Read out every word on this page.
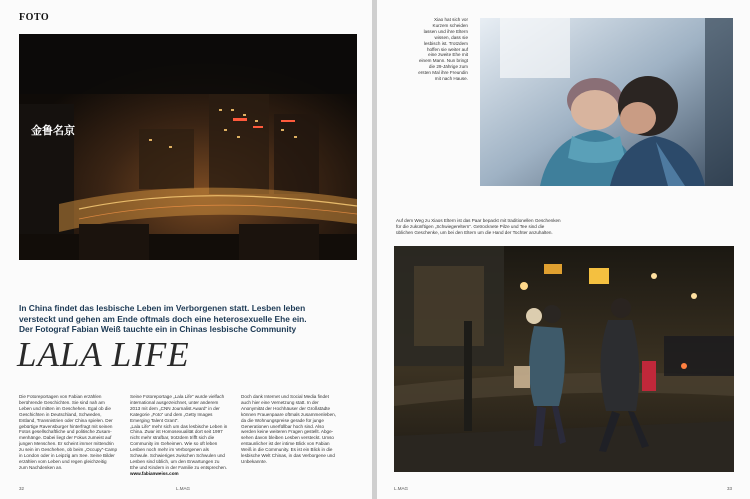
FOTO
金鲁名京
In China findet das lesbische Leben im Verborgenen statt. Lesben leben
versteckt und gehen am Ende oftmals doch eine heterosexuelle Ehe ein.
Der Fotograf Fabian Weiß tauchte ein in Chinas lesbische Community
LALA LIFE
Die Fotoreportagen von Fabian erzählen
berührende Geschichten. Sie sind nah am
Leben und mitten im Geschehen. Egal ob die
Geschichten in Deutschland, Schweden,
Estland, Transnistrien oder China spielen. Der
gebürtige Ravensburger hinterfragt mit seinen
Fotos gesellschaftliche und politische Zusam-
menhänge. Dabei liegt der Fokus zumeist auf
jungen Menschen. Er scheint immer mittendrin
zu sein im Geschehen, ob beim „Occupy“-Camp
in London oder in Leipzig am See. Seine Bilder
erzählen vom Leben und regen gleichzeitig
zum Nachdenken an.
Seine Fotoreportage „Lala Life“ wurde vielfach
international ausgezeichnet, unter anderem
2013 mit dem „CNN Journalist Award“ in der
Kategorie „Foto“ und dem „Getty Images
Emerging Talent Grant“.
„Lala Life“ mehr sich um das lesbische Leben in
China. Zwar ist Homosexualität dort seit 1997
nicht mehr strafbar, trotzdem trifft sich die
Community im Geheimen. Wie so oft leben
Lesben noch mehr im Verborgenen als
Schwule. Schwieriges zwischen Schwulen und
Lesben sind üblich, um den Erwartungen zu
Ehe und Kindern in der Familie zu entsprechen.
www.fabianweiss.com
Doch dank Internet und Social Media findet
auch hier eine Vernetzung statt. In der
Anonymität der Hochhäuser der Großstädte
können Frauenpaare oftmals zusammenleben,
da die Wohnungspreise gerade für junge
Generationen unerfüllbar hoch sind. Also
werden keine weiteren Fragen gestellt. Abge-
sehen davon bleiben Lesben versteckt. Umso
erstaunlicher ist der intime Blick von Fabian
Weiß in die Community. Es ist ein Blick in die
lesbische Welt Chinas, in das Verborgene und
Unbekannte.
32	L.MAG
Xiao hat sich vor
Kurzem scheiden
lassen und ihre Eltern
wissen, dass sie
lesbisch ist. Trotzdem
hoffen sie weiter auf
eine zweite Ehe mit
einem Mann. Nun bringt
die 29-Jährige zum
ersten Mal ihre Freundin
mit nach Hause.
Auf dem Weg zu Xiaos Eltern ist das Paar bepackt mit traditionellen Geschenken
für die zukünftigen „Schwiegereltern“. Getrocknete Pilze und Tee sind die
üblichen Geschenke, um bei den Eltern um die Hand der Tochter anzuhalten.
L.MAG	33
